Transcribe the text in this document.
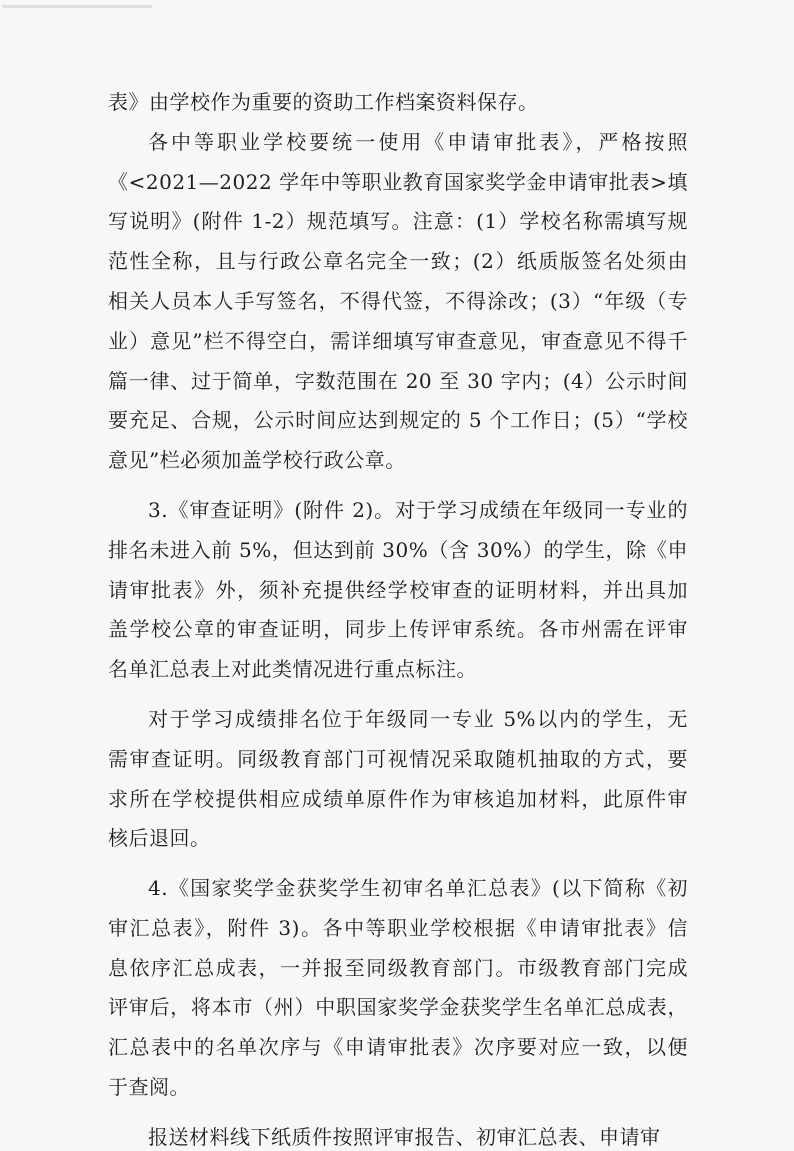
表》由学校作为重要的资助工作档案资料保存。
各中等职业学校要统一使用《申请审批表》，严格按照
《<2021—2022 学年中等职业教育国家奖学金申请审批表>填
写说明》(附件 1-2）规范填写。注意：(1）学校名称需填写规
范性全称，且与行政公章名完全一致；(2）纸质版签名处须由
相关人员本人手写签名，不得代签，不得涂改；(3）“年级（专
业）意见”栏不得空白，需详细填写审查意见，审查意见不得千
篇一律、过于简单，字数范围在 20 至 30 字内；(4）公示时间
要充足、合规，公示时间应达到规定的 5 个工作日；(5）“学校
意见”栏必须加盖学校行政公章。
3.《审查证明》(附件 2)。对于学习成绩在年级同一专业的
排名未进入前 5%，但达到前 30%（含 30%）的学生，除《申
请审批表》外，须补充提供经学校审查的证明材料，并出具加
盖学校公章的审查证明，同步上传评审系统。各市州需在评审
名单汇总表上对此类情况进行重点标注。
对于学习成绩排名位于年级同一专业 5%以内的学生，无
需审查证明。同级教育部门可视情况采取随机抽取的方式，要
求所在学校提供相应成绩单原件作为审核追加材料，此原件审
核后退回。
4.《国家奖学金获奖学生初审名单汇总表》(以下简称《初
审汇总表》，附件 3)。各中等职业学校根据《申请审批表》信
息依序汇总成表，一并报至同级教育部门。市级教育部门完成
评审后，将本市（州）中职国家奖学金获奖学生名单汇总成表，
汇总表中的名单次序与《申请审批表》次序要对应一致，以便
于查阅。
报送材料线下纸质件按照评审报告、初审汇总表、申请审
